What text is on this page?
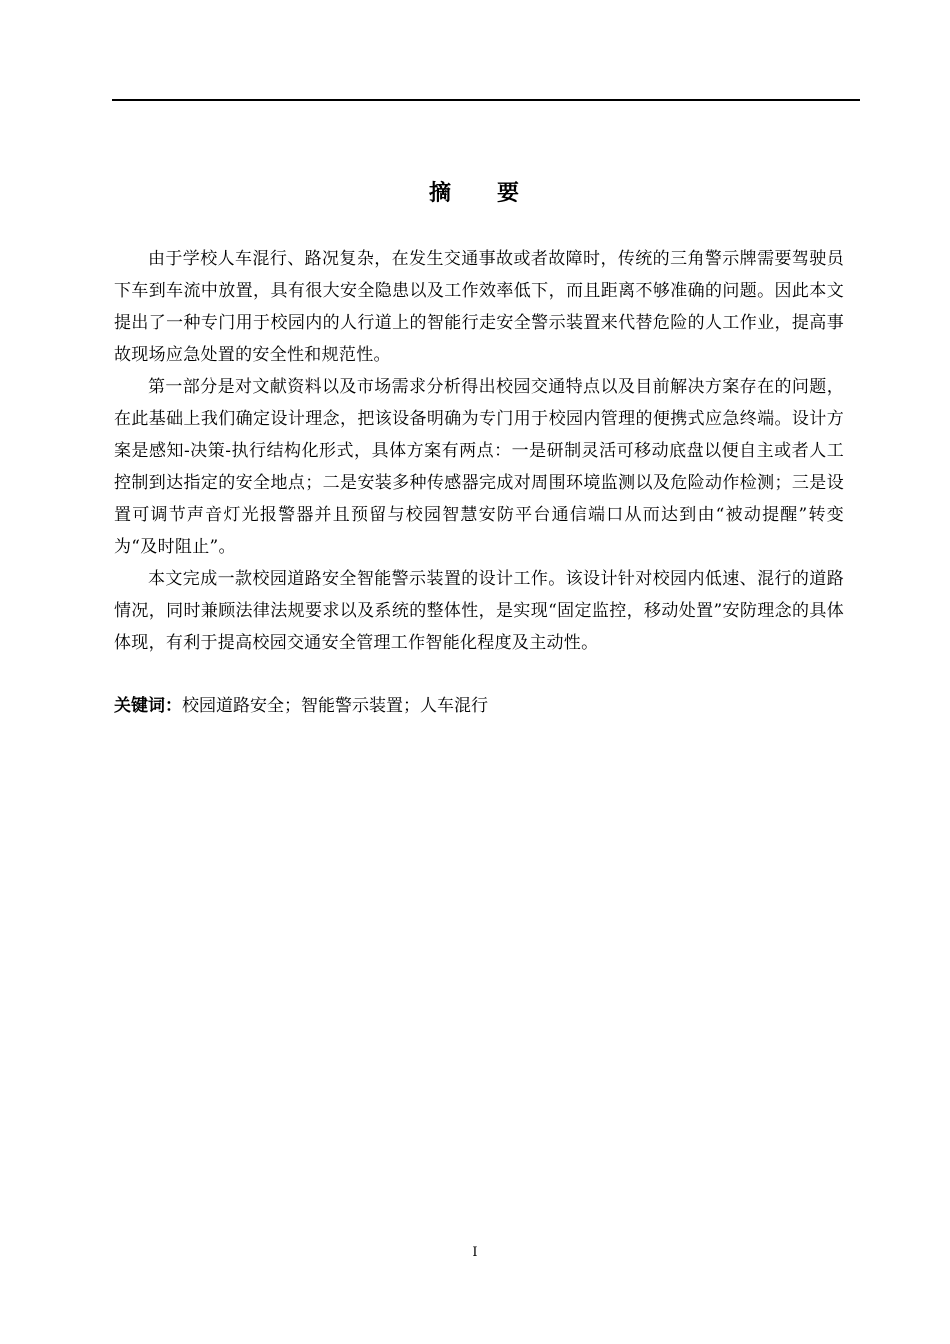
摘 要

由于学校人车混行、路况复杂，在发生交通事故或者故障时，传统的三角警示牌需要驾驶员下车到车流中放置，具有很大安全隐患以及工作效率低下，而且距离不够准确的问题。因此本文提出了一种专门用于校园内的人行道上的智能行走安全警示装置来代替危险的人工作业，提高事故现场应急处置的安全性和规范性。

第一部分是对文献资料以及市场需求分析得出校园交通特点以及目前解决方案存在的问题，在此基础上我们确定设计理念，把该设备明确为专门用于校园内管理的便携式应急终端。设计方案是感知-决策-执行结构化形式，具体方案有两点：一是研制灵活可移动底盘以便自主或者人工控制到达指定的安全地点；二是安装多种传感器完成对周围环境监测以及危险动作检测；三是设置可调节声音灯光报警器并且预留与校园智慧安防平台通信端口从而达到由“被动提醒”转变为“及时阻止”。

本文完成一款校园道路安全智能警示装置的设计工作。该设计针对校园内低速、混行的道路情况，同时兼顾法律法规要求以及系统的整体性，是实现“固定监控，移动处置”安防理念的具体体现，有利于提高校园交通安全管理工作智能化程度及主动性。

关键词：校园道路安全；智能警示装置；人车混行
I
